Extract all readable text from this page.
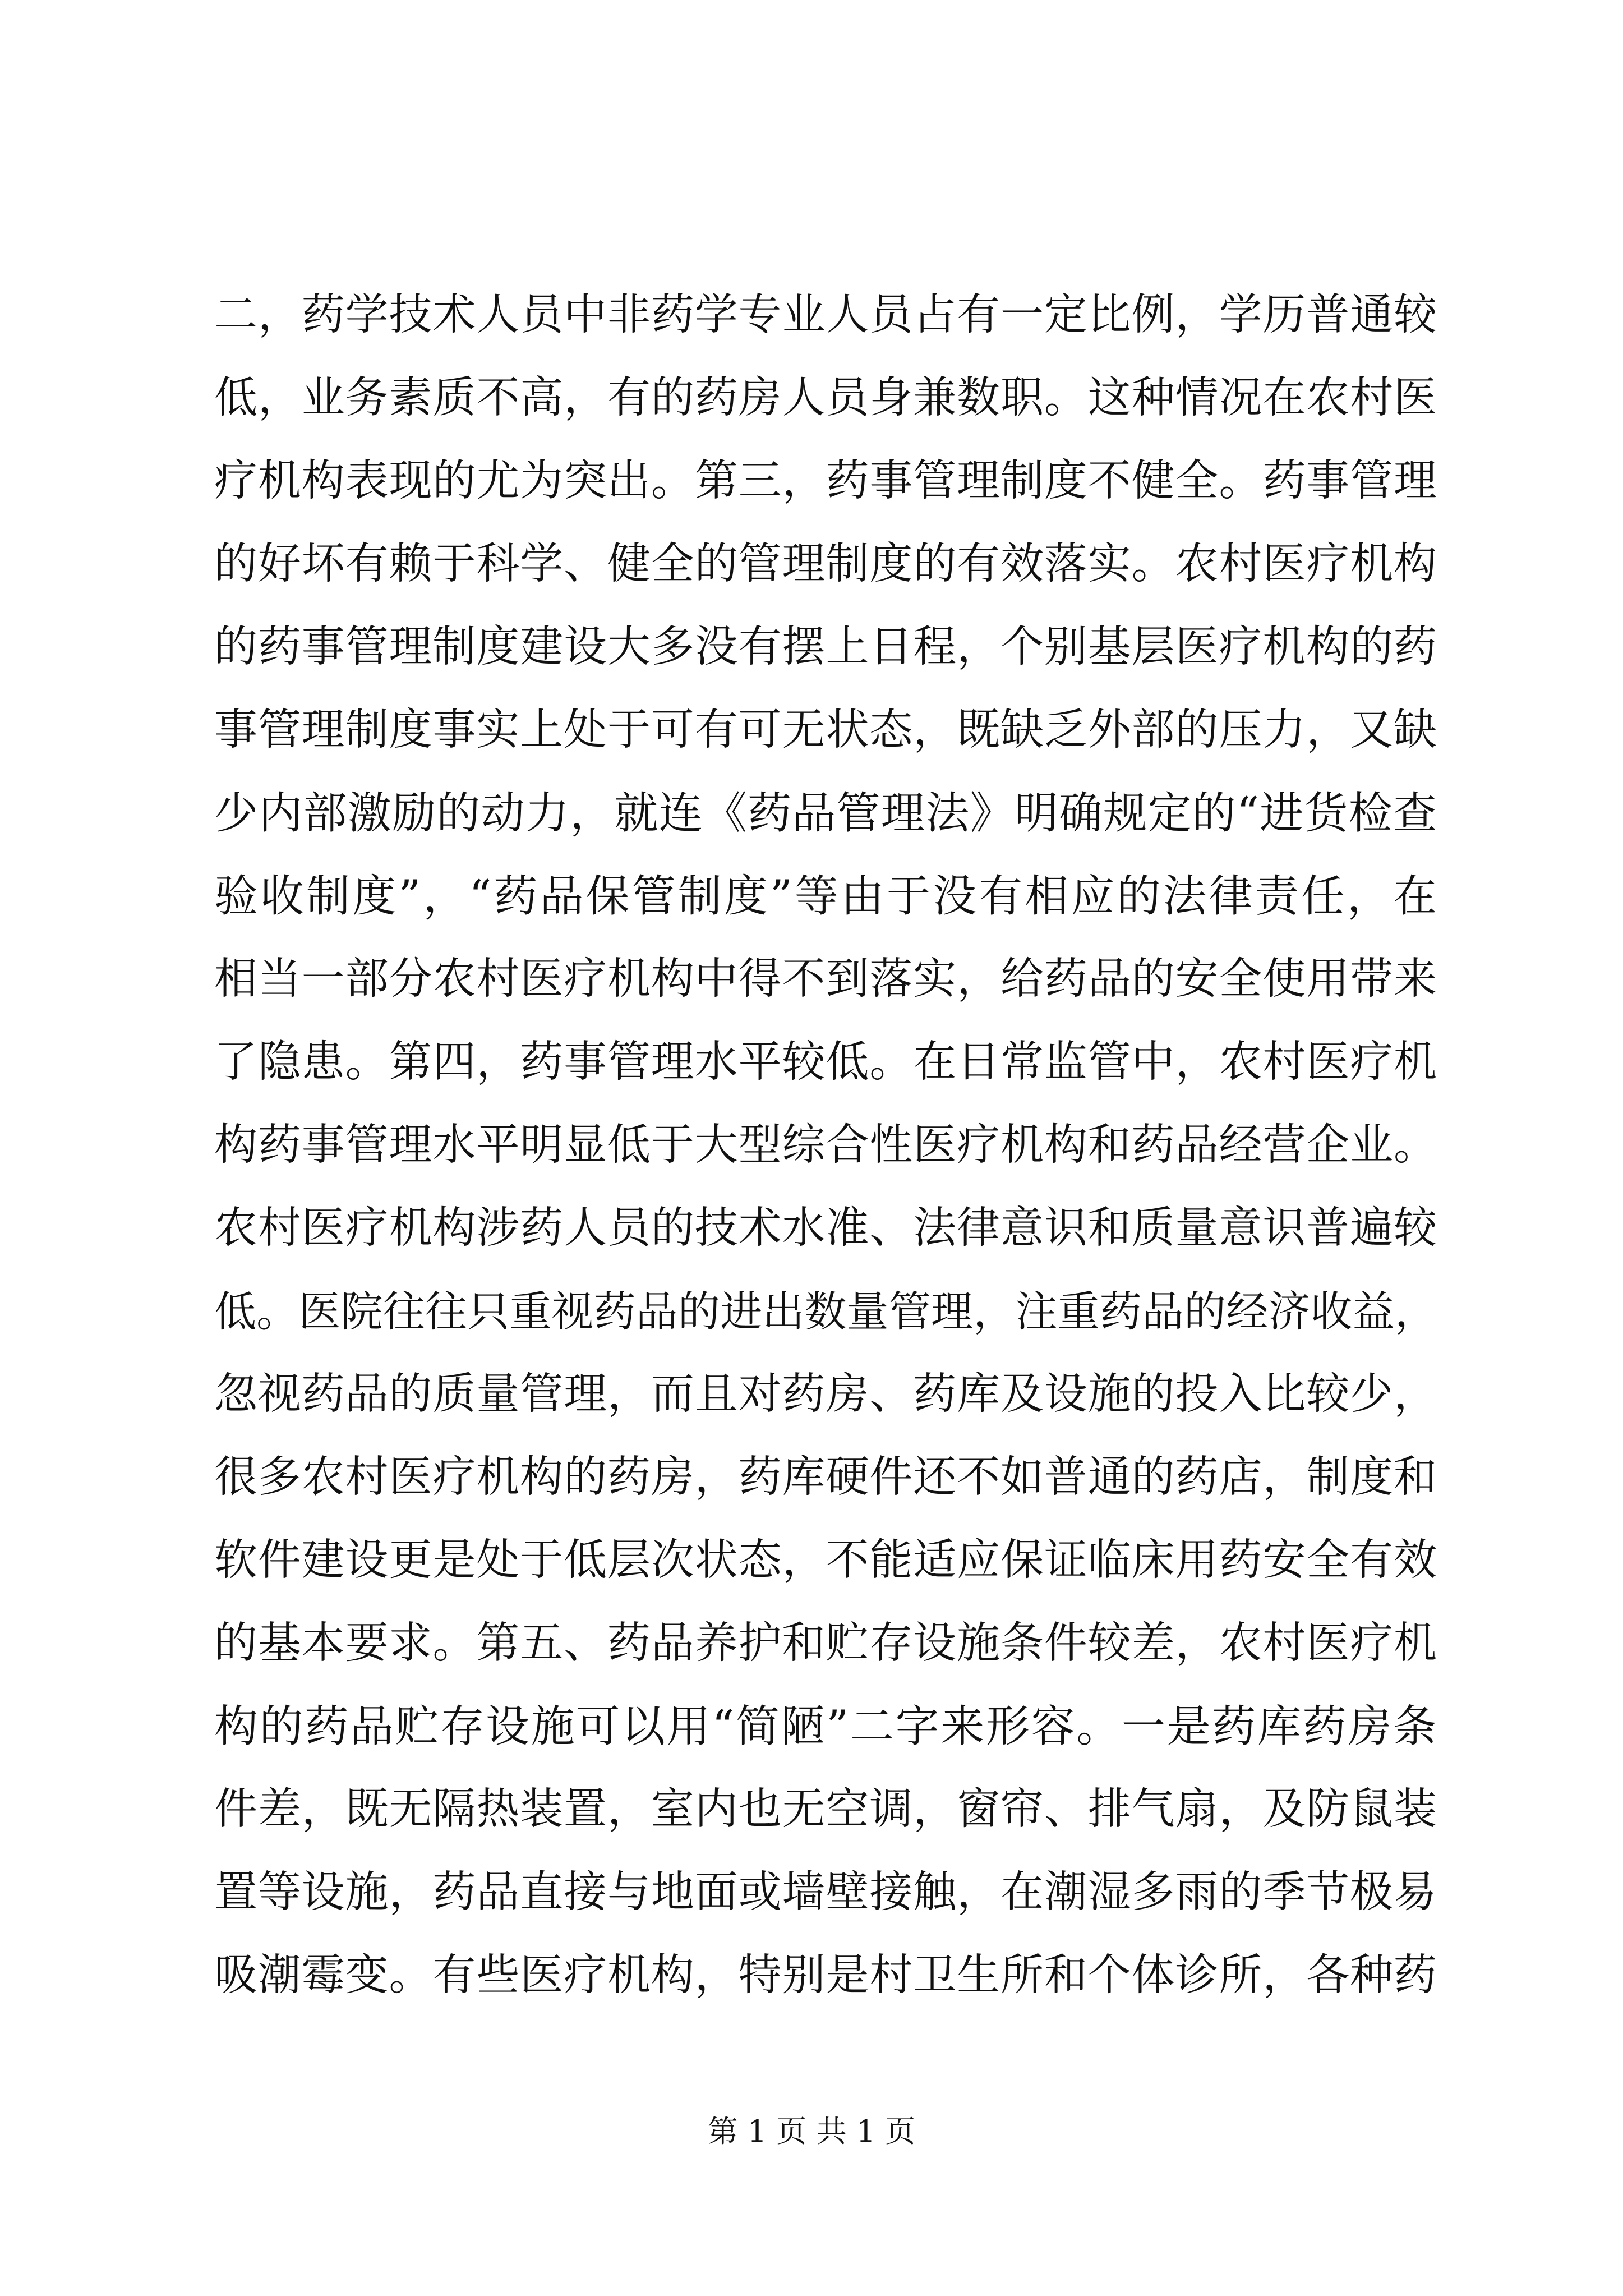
二，药学技术人员中非药学专业人员占有一定比例，学历普通较
低，业务素质不高，有的药房人员身兼数职。这种情况在农村医
疗机构表现的尤为突出。第三，药事管理制度不健全。药事管理
的好坏有赖于科学、健全的管理制度的有效落实。农村医疗机构
的药事管理制度建设大多没有摆上日程，个别基层医疗机构的药
事管理制度事实上处于可有可无状态，既缺乏外部的压力，又缺
少内部激励的动力，就连《药品管理法》明确规定的“进货检查
验收制度”，“药品保管制度”等由于没有相应的法律责任，在
相当一部分农村医疗机构中得不到落实，给药品的安全使用带来
了隐患。第四，药事管理水平较低。在日常监管中，农村医疗机
构药事管理水平明显低于大型综合性医疗机构和药品经营企业。
农村医疗机构涉药人员的技术水准、法律意识和质量意识普遍较
低。医院往往只重视药品的进出数量管理，注重药品的经济收益，
忽视药品的质量管理，而且对药房、药库及设施的投入比较少，
很多农村医疗机构的药房，药库硬件还不如普通的药店，制度和
软件建设更是处于低层次状态，不能适应保证临床用药安全有效
的基本要求。第五、药品养护和贮存设施条件较差，农村医疗机
构的药品贮存设施可以用“简陋”二字来形容。一是药库药房条
件差，既无隔热装置，室内也无空调，窗帘、排气扇，及防鼠装
置等设施，药品直接与地面或墙壁接触，在潮湿多雨的季节极易
吸潮霉变。有些医疗机构，特别是村卫生所和个体诊所，各种药
第 1 页 共 1 页
